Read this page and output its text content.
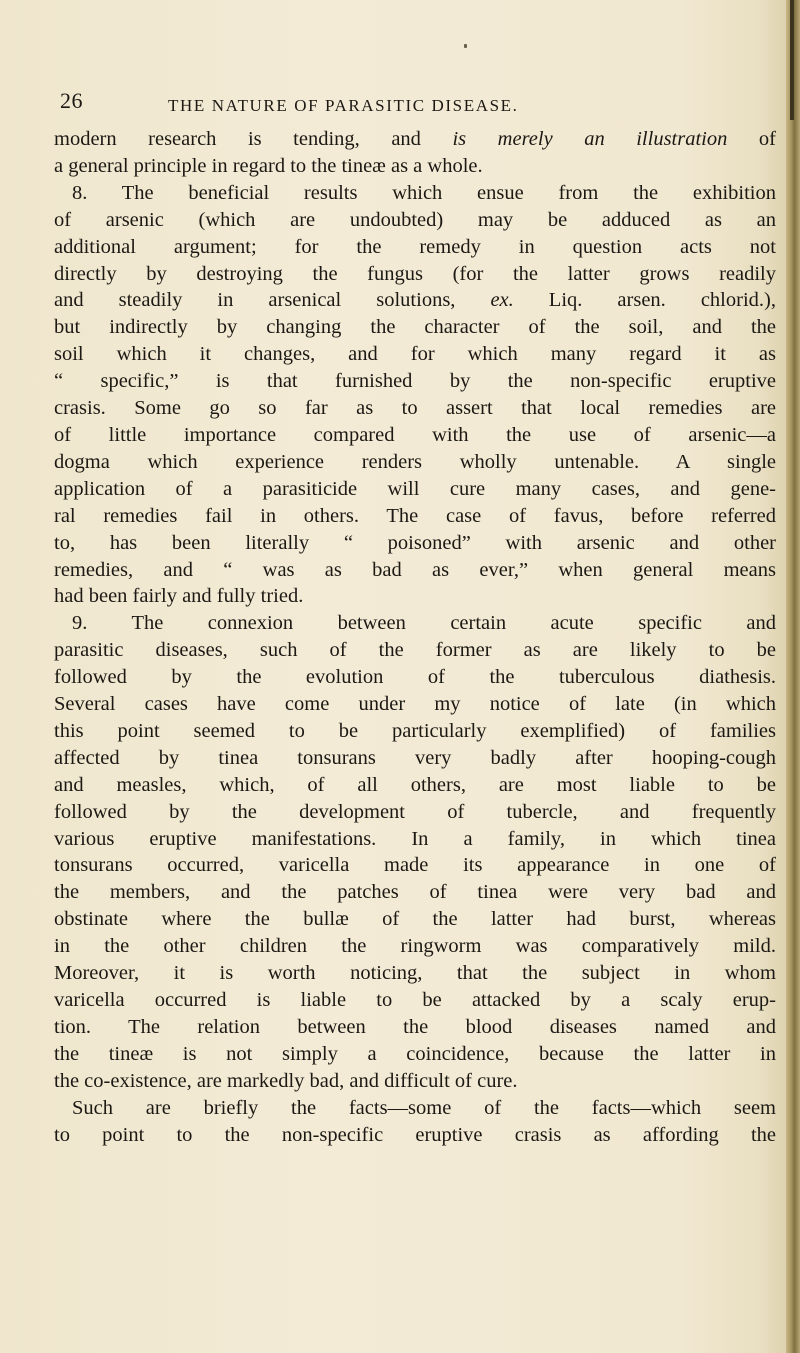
26	THE NATURE OF PARASITIC DISEASE.
modern research is tending, and is merely an illustration of
a general principle in regard to the tineæ as a whole.
8. The beneficial results which ensue from the exhibition
of arsenic (which are undoubted) may be adduced as an
additional argument; for the remedy in question acts not
directly by destroying the fungus (for the latter grows readily
and steadily in arsenical solutions, ex. Liq. arsen. chlorid.),
but indirectly by changing the character of the soil, and the
soil which it changes, and for which many regard it as
“ specific,” is that furnished by the non-specific eruptive
crasis. Some go so far as to assert that local remedies are
of little importance compared with the use of arsenic—a
dogma which experience renders wholly untenable. A single
application of a parasiticide will cure many cases, and gene-
ral remedies fail in others. The case of favus, before referred
to, has been literally “ poisoned” with arsenic and other
remedies, and “ was as bad as ever,” when general means
had been fairly and fully tried.
9. The connexion between certain acute specific and
parasitic diseases, such of the former as are likely to be
followed by the evolution of the tuberculous diathesis.
Several cases have come under my notice of late (in which
this point seemed to be particularly exemplified) of families
affected by tinea tonsurans very badly after hooping-cough
and measles, which, of all others, are most liable to be
followed by the development of tubercle, and frequently
various eruptive manifestations. In a family, in which tinea
tonsurans occurred, varicella made its appearance in one of
the members, and the patches of tinea were very bad and
obstinate where the bullæ of the latter had burst, whereas
in the other children the ringworm was comparatively mild.
Moreover, it is worth noticing, that the subject in whom
varicella occurred is liable to be attacked by a scaly erup-
tion. The relation between the blood diseases named and
the tineæ is not simply a coincidence, because the latter in
the co-existence, are markedly bad, and difficult of cure.
Such are briefly the facts—some of the facts—which seem
to point to the non-specific eruptive crasis as affording the
